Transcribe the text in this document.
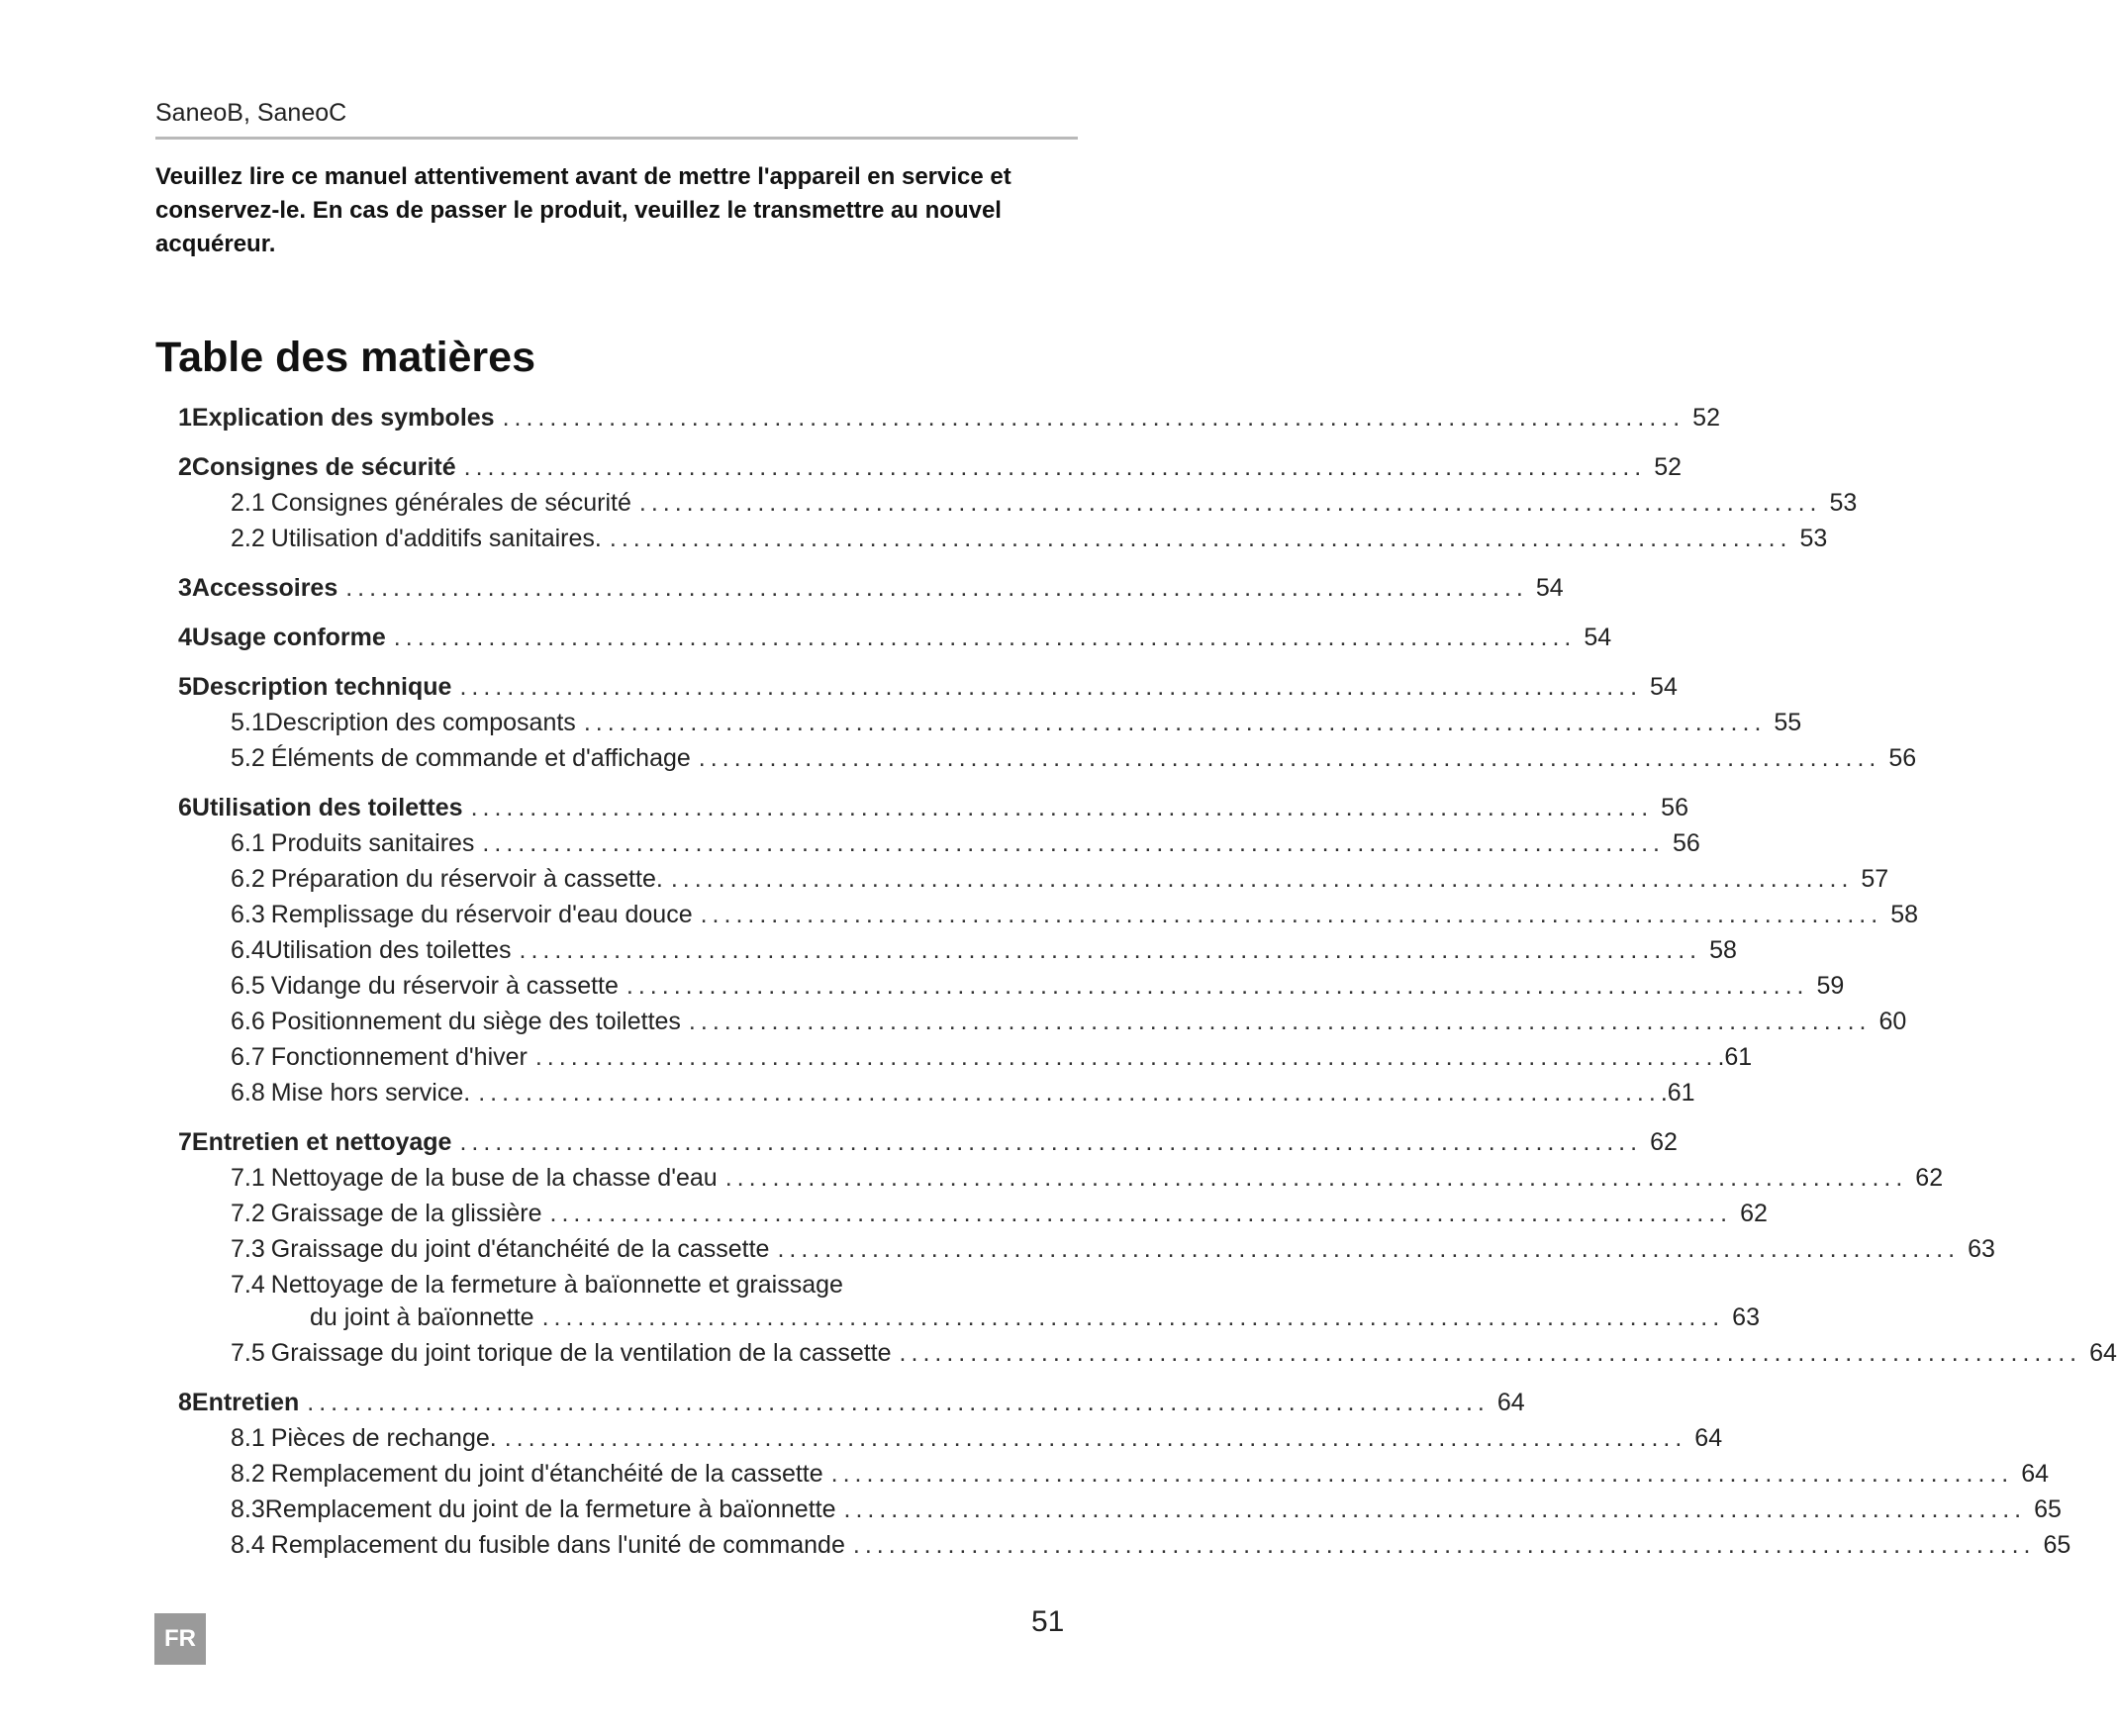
SaneoB, SaneoC
Veuillez lire ce manuel attentivement avant de mettre l'appareil en service et conservez-le. En cas de passer le produit, veuillez le transmettre au nouvel acquéreur.
Table des matières
1 Explication des symboles .................................................................................................... 52
2 Consignes de sécurité .................................................................................................... 52
2.1 Consignes générales de sécurité .................................................................................................... 53
2.2 Utilisation d'additifs sanitaires. .................................................................................................... 53
3 Accessoires .................................................................................................... 54
4 Usage conforme .................................................................................................... 54
5 Description technique .................................................................................................... 54
5.1 Description des composants .................................................................................................... 55
5.2 Éléments de commande et d'affichage .................................................................................................... 56
6 Utilisation des toilettes .................................................................................................... 56
6.1 Produits sanitaires .................................................................................................... 56
6.2 Préparation du réservoir à cassette. .................................................................................................... 57
6.3 Remplissage du réservoir d'eau douce .................................................................................................... 58
6.4 Utilisation des toilettes .................................................................................................... 58
6.5 Vidange du réservoir à cassette .................................................................................................... 59
6.6 Positionnement du siège des toilettes .................................................................................................... 60
6.7 Fonctionnement d'hiver .................................................................................................... .61
6.8 Mise hors service. .................................................................................................... .61
7 Entretien et nettoyage .................................................................................................... 62
7.1 Nettoyage de la buse de la chasse d'eau .................................................................................................... 62
7.2 Graissage de la glissière .................................................................................................... 62
7.3 Graissage du joint d'étanchéité de la cassette .................................................................................................... 63
7.4 Nettoyage de la fermeture à baïonnette et graissage
du joint à baïonnette .................................................................................................... 63
7.5 Graissage du joint torique de la ventilation de la cassette .................................................................................................... 64
8 Entretien .................................................................................................... 64
8.1 Pièces de rechange. .................................................................................................... 64
8.2 Remplacement du joint d'étanchéité de la cassette .................................................................................................... 64
8.3 Remplacement du joint de la fermeture à baïonnette .................................................................................................... 65
8.4 Remplacement du fusible dans l'unité de commande .................................................................................................... 65
FR
51
